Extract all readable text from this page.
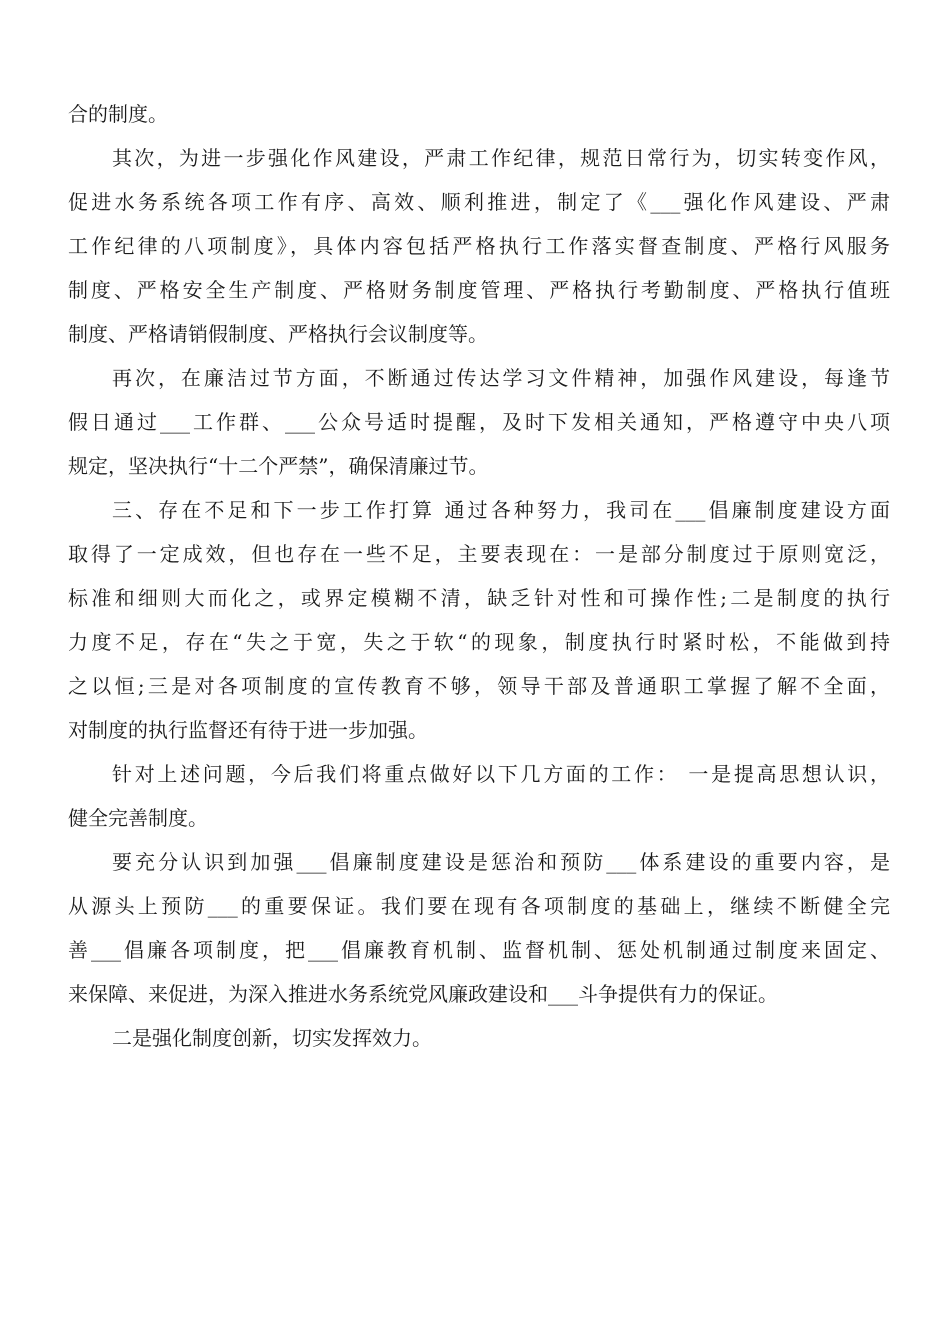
合的制度。

其次，为进一步强化作风建设，严肃工作纪律，规范日常行为，切实转变作风，

促进水务系统各项工作有序、高效、顺利推进，制定了《___强化作风建设、严肃

工作纪律的八项制度》，具体内容包括严格执行工作落实督查制度、严格行风服务

制度、严格安全生产制度、严格财务制度管理、严格执行考勤制度、严格执行值班

制度、严格请销假制度、严格执行会议制度等。

再次，在廉洁过节方面，不断通过传达学习文件精神，加强作风建设，每逢节

假日通过___工作群、___公众号适时提醒，及时下发相关通知，严格遵守中央八项

规定，坚决执行“十二个严禁”，确保清廉过节。

三、存在不足和下一步工作打算 通过各种努力，我司在___倡廉制度建设方面

取得了一定成效，但也存在一些不足，主要表现在：一是部分制度过于原则宽泛，

标准和细则大而化之，或界定模糊不清，缺乏针对性和可操作性;二是制度的执行

力度不足，存在“失之于宽，失之于软“的现象，制度执行时紧时松，不能做到持

之以恒;三是对各项制度的宣传教育不够，领导干部及普通职工掌握了解不全面，

对制度的执行监督还有待于进一步加强。

针对上述问题，今后我们将重点做好以下几方面的工作： 一是提高思想认识，

健全完善制度。

要充分认识到加强___倡廉制度建设是惩治和预防___体系建设的重要内容，是

从源头上预防___的重要保证。我们要在现有各项制度的基础上，继续不断健全完

善___倡廉各项制度，把___倡廉教育机制、监督机制、惩处机制通过制度来固定、

来保障、来促进，为深入推进水务系统党风廉政建设和___斗争提供有力的保证。

二是强化制度创新，切实发挥效力。
